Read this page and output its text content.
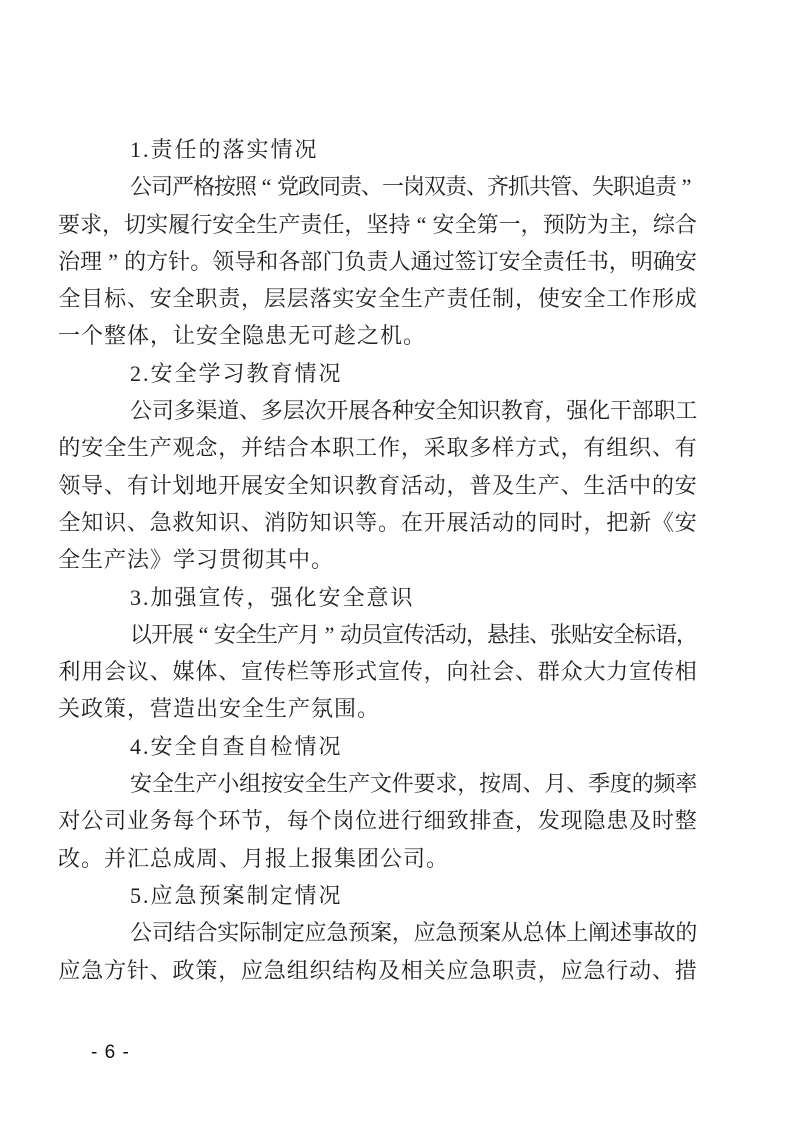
1.责任的落实情况
公
司
严
格
按
照 “ 党
政
同
责
、
一
岗
双
责
、
齐
抓
共
管
、
失
职
追
责 ”
要 求 ， 切 实 履 行 安 全 生 产 责 任 ， 坚 持 “ 安 全 第 一 ， 预 防 为 主 ， 综 合
治 理 ” 的 方 针 。 领 导 和 各 部 门 负 责 人 通 过 签 订 安 全 责 任 书 ， 明 确 安
全 目 标 、 安 全 职 责 ， 层 层 落 实 安 全 生 产 责 任 制 ， 使 安 全 工 作 形 成
一个整体，让安全隐患无可趁之机。
2.安全学习教育情况
公 司 多 渠 道 、 多 层 次 开 展 各 种 安 全 知 识 教 育 ， 强 化 干 部 职 工
的 安 全 生 产 观 念 ， 并 结 合 本 职 工 作 ， 采 取 多 样 方 式 ， 有 组 织 、 有
领 导 、 有 计 划 地 开 展 安 全 知 识 教 育 活 动 ， 普 及 生 产 、 生 活 中 的 安
全 知 识 、 急 救 知 识 、 消 防 知 识 等 。 在 开 展 活 动 的 同 时 ， 把 新 《 安
全生产法》学习贯彻其中。
3.加强宣传，强化安全意识
以
开
展 “ 安
全
生
产
月 ” 动
员
宣
传
活
动
，
悬
挂
、
张
贴
安
全
标
语
，
利 用 会 议 、 媒 体 、 宣 传 栏 等 形 式 宣 传 ， 向 社 会 、 群 众 大 力 宣 传 相
关政策，营造出安全生产氛围。
4.安全自查自检情况
安 全 生 产 小 组 按 安 全 生 产 文 件 要 求 ， 按 周 、 月 、 季 度 的 频 率
对 公 司 业 务 每 个 环 节 ， 每 个 岗 位 进 行 细 致 排 查 ， 发 现 隐 患 及 时 整
改。并汇总成周、月报上报集团公司。
5.应急预案制定情况
公 司 结 合 实 际 制 定 应 急 预 案 ， 应 急 预 案 从 总 体 上 阐 述 事 故 的
应 急 方 针 、 政 策 ， 应 急 组 织 结 构 及 相 关 应 急 职 责 ， 应 急 行 动 、 措
- 6 -
